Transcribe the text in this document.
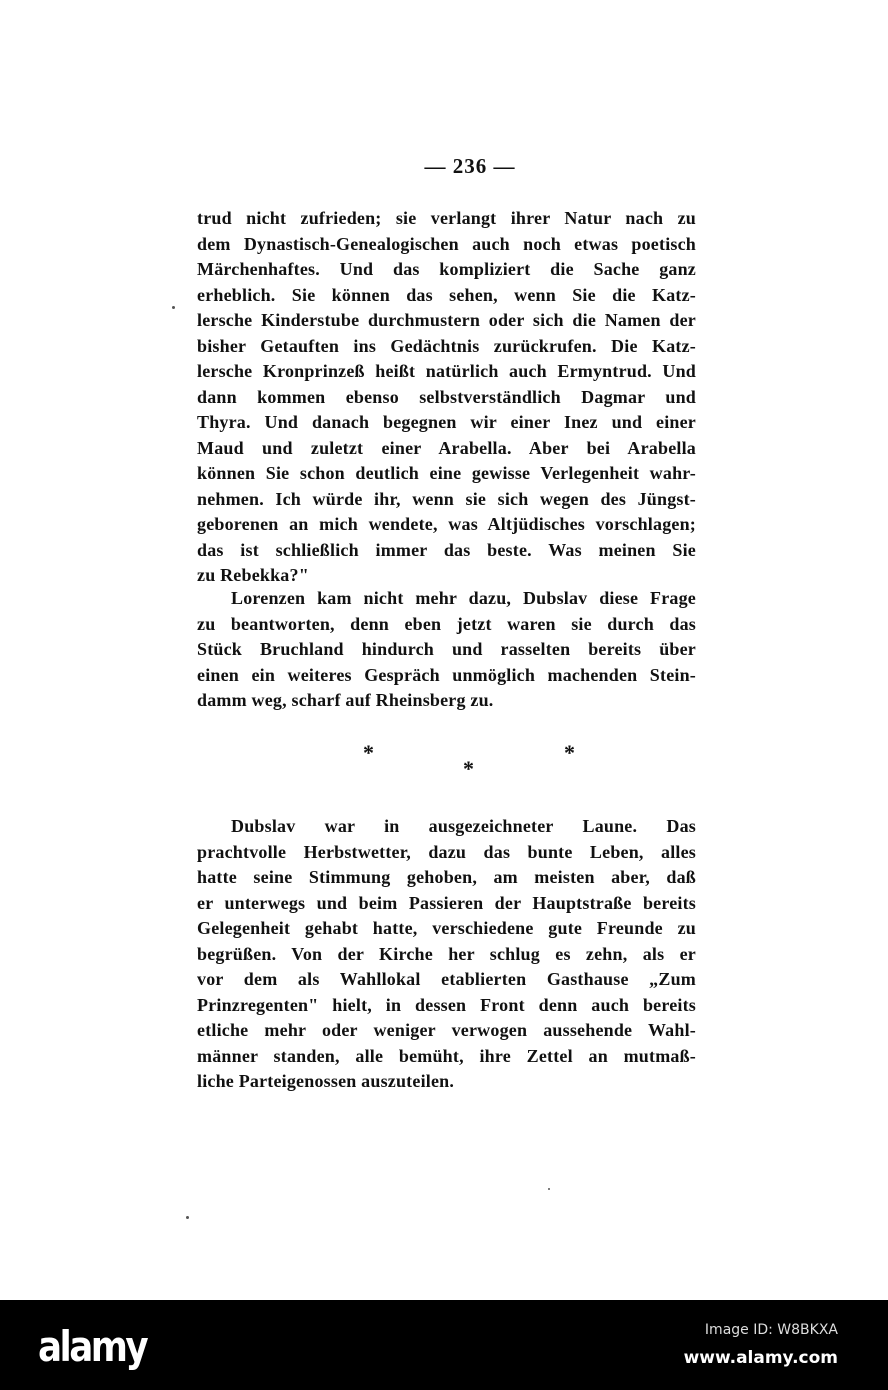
— 236 —
trud nicht zufrieden; sie verlangt ihrer Natur nach zu
dem Dynastisch-Genealogischen auch noch etwas poetisch
Märchenhaftes. Und das kompliziert die Sache ganz
erheblich. Sie können das sehen, wenn Sie die Katz-
lersche Kinderstube durchmustern oder sich die Namen der
bisher Getauften ins Gedächtnis zurückrufen. Die Katz-
lersche Kronprinzeß heißt natürlich auch Ermyntrud. Und
dann kommen ebenso selbstverständlich Dagmar und
Thyra. Und danach begegnen wir einer Inez und einer
Maud und zuletzt einer Arabella. Aber bei Arabella
können Sie schon deutlich eine gewisse Verlegenheit wahr-
nehmen. Ich würde ihr, wenn sie sich wegen des Jüngst-
geborenen an mich wendete, was Altjüdisches vorschlagen;
das ist schließlich immer das beste. Was meinen Sie
zu Rebekka?"
Lorenzen kam nicht mehr dazu, Dubslav diese Frage
zu beantworten, denn eben jetzt waren sie durch das
Stück Bruchland hindurch und rasselten bereits über
einen ein weiteres Gespräch unmöglich machenden Stein-
damm weg, scharf auf Rheinsberg zu.
*	*
*
Dubslav war in ausgezeichneter Laune. Das
prachtvolle Herbstwetter, dazu das bunte Leben, alles
hatte seine Stimmung gehoben, am meisten aber, daß
er unterwegs und beim Passieren der Hauptstraße bereits
Gelegenheit gehabt hatte, verschiedene gute Freunde zu
begrüßen. Von der Kirche her schlug es zehn, als er
vor dem als Wahllokal etablierten Gasthause „Zum
Prinzregenten" hielt, in dessen Front denn auch bereits
etliche mehr oder weniger verwogen aussehende Wahl-
männer standen, alle bemüht, ihre Zettel an mutmaß-
liche Parteigenossen auszuteilen.
alamy	Image ID: W8BKXA
www.alamy.com
